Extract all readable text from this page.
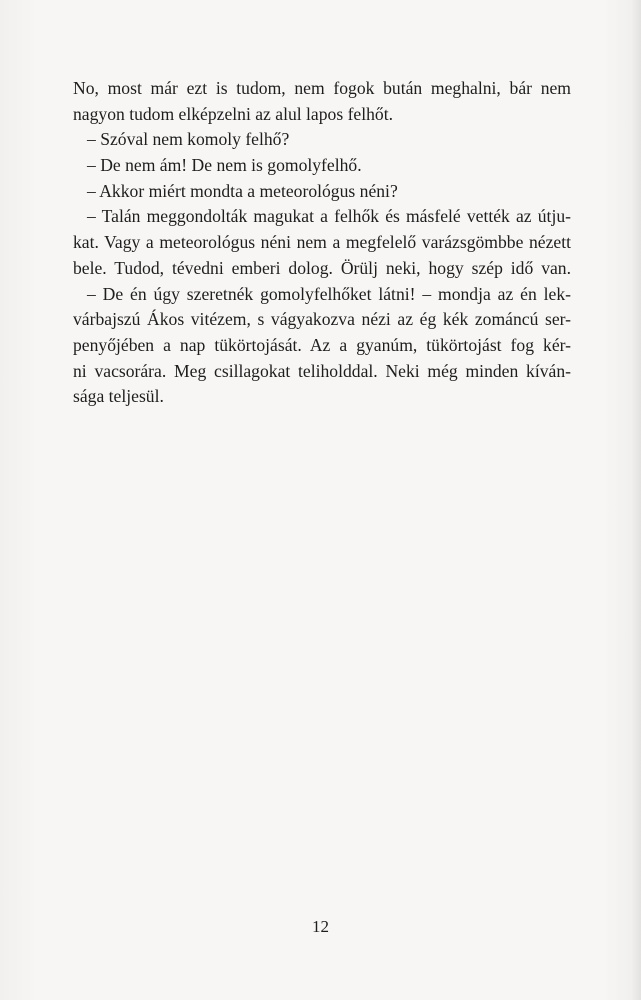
No, most már ezt is tudom, nem fogok bután meghalni, bár nem
nagyon tudom elképzelni az alul lapos felhőt.
– Szóval nem komoly felhő?
– De nem ám! De nem is gomolyfelhő.
– Akkor miért mondta a meteorológus néni?
– Talán meggondolták magukat a felhők és másfelé vették az útju-
kat. Vagy a meteorológus néni nem a megfelelő varázsgömbbe nézett
bele. Tudod, tévedni emberi dolog. Örülj neki, hogy szép idő van.
– De én úgy szeretnék gomolyfelhőket látni! – mondja az én lek-
várbajszú Ákos vitézem, s vágyakozva nézi az ég kék zománcú ser-
penyőjében a nap tükörtojását. Az a gyanúm, tükörtojást fog kér-
ni vacsorára. Meg csillagokat teliholddal. Neki még minden kíván-
sága teljesül.
12
